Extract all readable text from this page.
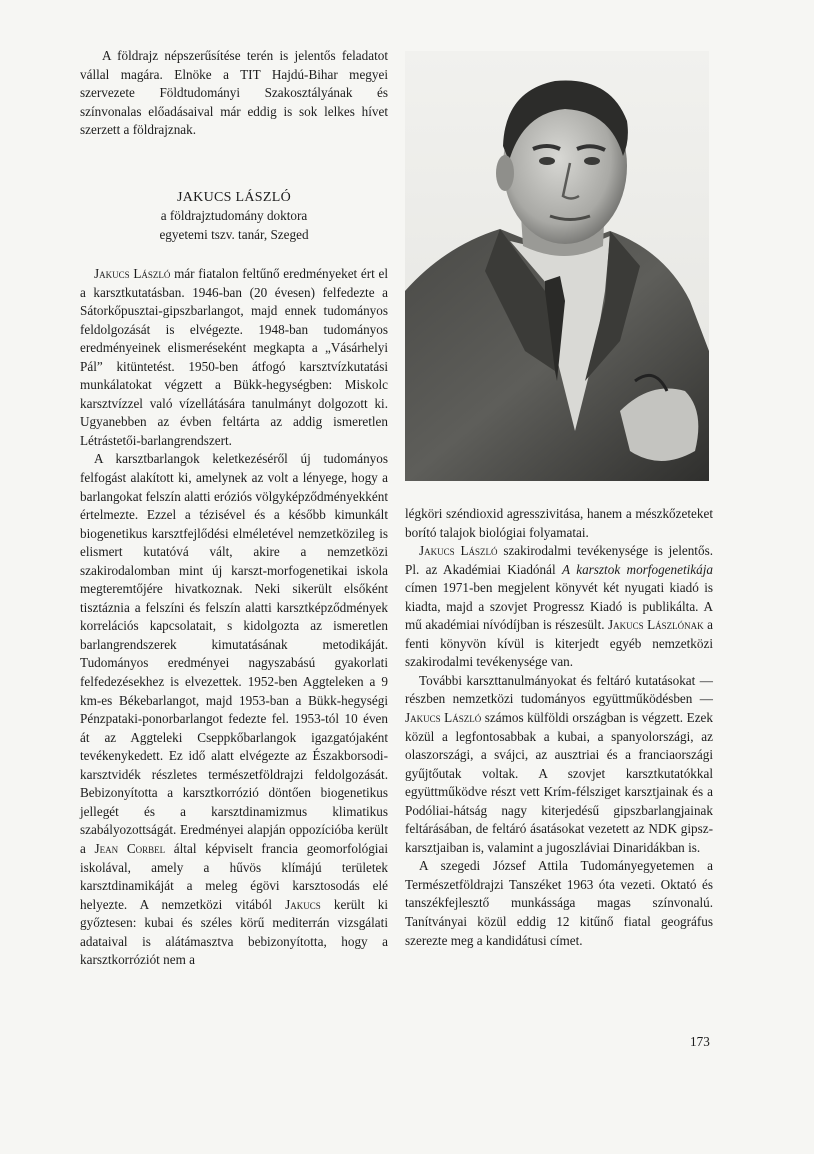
A földrajz népszerűsítése terén is jelentős feladatot vállal magára. Elnöke a TIT Hajdú-Bihar megyei szervezete Földtudományi Szakosztályának és színvonalas előadásaival már eddig is sok lelkes hívet szerzett a földrajznak.

JAKUCS LÁSZLÓ
a földrajztudomány doktora
egyetemi tszv. tanár, Szeged

Jakucs László már fiatalon feltűnő eredményeket ért el a karsztkutatásban. 1946-ban (20 évesen) felfedezte a Sátorkőpusztai-gipszbarlangot, majd ennek tudományos feldolgozását is elvégezte. 1948-ban tudományos eredményeinek elismeréseként megkapta a „Vásárhelyi Pál” kitüntetést. 1950-ben átfogó karsztvízkutatási munkálatokat végzett a Bükk-hegységben: Miskolc karsztvízzel való vízellátására tanulmányt dolgozott ki. Ugyanebben az évben feltárta az addig ismeretlen Létrástetői-barlangrendszert.

A karsztbarlangok keletkezéséről új tudományos felfogást alakított ki, amelynek az volt a lényege, hogy a barlangokat felszín alatti eróziós völgyképződményekként értelmezte. Ezzel a tézisével és a később kimunkált biogenetikus karsztfejlődési elméletével nemzetközileg is elismert kutatóvá vált, akire a nemzetközi szakirodalomban mint új karszt-morfogenetikai iskola megteremtőjére hivatkoznak. Neki sikerült elsőként tisztáznia a felszíni és felszín alatti karsztképződmények korrelációs kapcsolatait, s kidolgozta az ismeretlen barlangrendszerek kimutatásának metodikáját. Tudományos eredményei nagyszabású gyakorlati felfedezésekhez is elvezettek. 1952-ben Aggteleken a 9 km-es Békebarlangot, majd 1953-ban a Bükk-hegységi Pénzpataki-ponorbarlangot fedezte fel. 1953-tól 10 éven át az Aggteleki Cseppkőbarlangok igazgatójaként tevékenykedett. Ez idő alatt elvégezte az Északborsodi-karsztvidék részletes természetföldrajzi feldolgozását. Bebizonyította a karsztkorrózió döntően biogenetikus jellegét és a karsztdinamizmus klimatikus szabályozottságát. Eredményei alapján oppozícióba került a Jean Corbel által képviselt francia geomorfológiai iskolával, amely a hűvös klímájú területek karsztdinamikáját a meleg égövi karsztosodás elé helyezte. A nemzetközi vitából Jakucs került ki győztesen: kubai és széles körű mediterrán vizsgálati adataival is alátámasztva bebizonyította, hogy a karsztkorróziót nem a

légköri széndioxid agresszivitása, hanem a mészkőzeteket borító talajok biológiai folyamatai.

Jakucs László szakirodalmi tevékenysége is jelentős. Pl. az Akadémiai Kiadónál A karsztok morfogenetikája címen 1971-ben megjelent könyvét két nyugati kiadó is kiadta, majd a szovjet Progressz Kiadó is publikálta. A mű akadémiai nívódíjban is részesült. Jakucs Lászlónak a fenti könyvön kívül is kiterjedt egyéb nemzetközi szakirodalmi tevékenysége van.

További karszttanulmányokat és feltáró kutatásokat — részben nemzetközi tudományos együttműködésben — Jakucs László számos külföldi országban is végzett. Ezek közül a legfontosabbak a kubai, a spanyolországi, az olaszországi, a svájci, az ausztriai és a franciaországi gyűjtőutak voltak. A szovjet karsztkutatókkal együttműködve részt vett Krím-félsziget karsztjainak és a Podóliai-hátság nagy kiterjedésű gipszbarlangjainak feltárásában, de feltáró ásatásokat vezetett az NDK gipsz-karsztjaiban is, valamint a jugoszláviai Dinaridákban is.

A szegedi József Attila Tudományegyetemen a Természetföldrajzi Tanszéket 1963 óta vezeti. Oktató és tanszékfejlesztő munkássága magas színvonalú. Tanítványai közül eddig 12 kitűnő fiatal geográfus szerezte meg a kandidátusi címet.

173
